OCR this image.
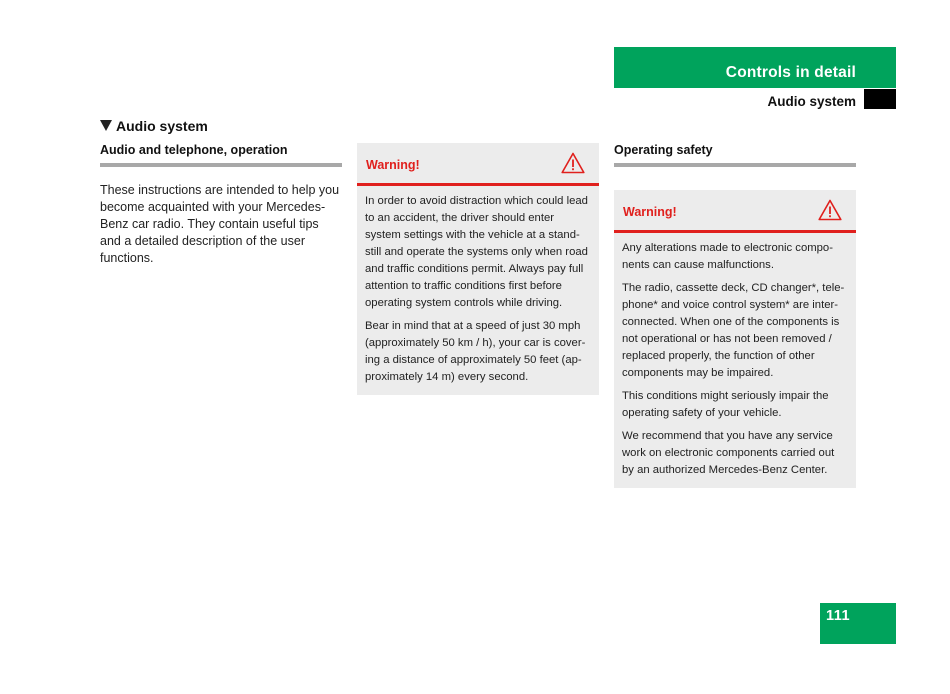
Controls in detail
Audio system
Audio system
Audio and telephone, operation

These instructions are intended to help you become acquainted with your Mercedes-Benz car radio. They contain useful tips and a detailed description of the user functions.

Warning!

In order to avoid distraction which could lead to an accident, the driver should enter system settings with the vehicle at a stand-still and operate the systems only when road and traffic conditions permit. Always pay full attention to traffic conditions first before operating system controls while driving.

Bear in mind that at a speed of just 30 mph (approximately 50 km / h), your car is cover-ing a distance of approximately 50 feet (ap-proximately 14 m) every second.

Operating safety
Warning!

Any alterations made to electronic compo-nents can cause malfunctions.

The radio, cassette deck, CD changer*, tele-phone* and voice control system* are inter-connected. When one of the components is not operational or has not been removed / replaced properly, the function of other components may be impaired.

This conditions might seriously impair the operating safety of your vehicle.

We recommend that you have any service work on electronic components carried out by an authorized Mercedes-Benz Center.

111
